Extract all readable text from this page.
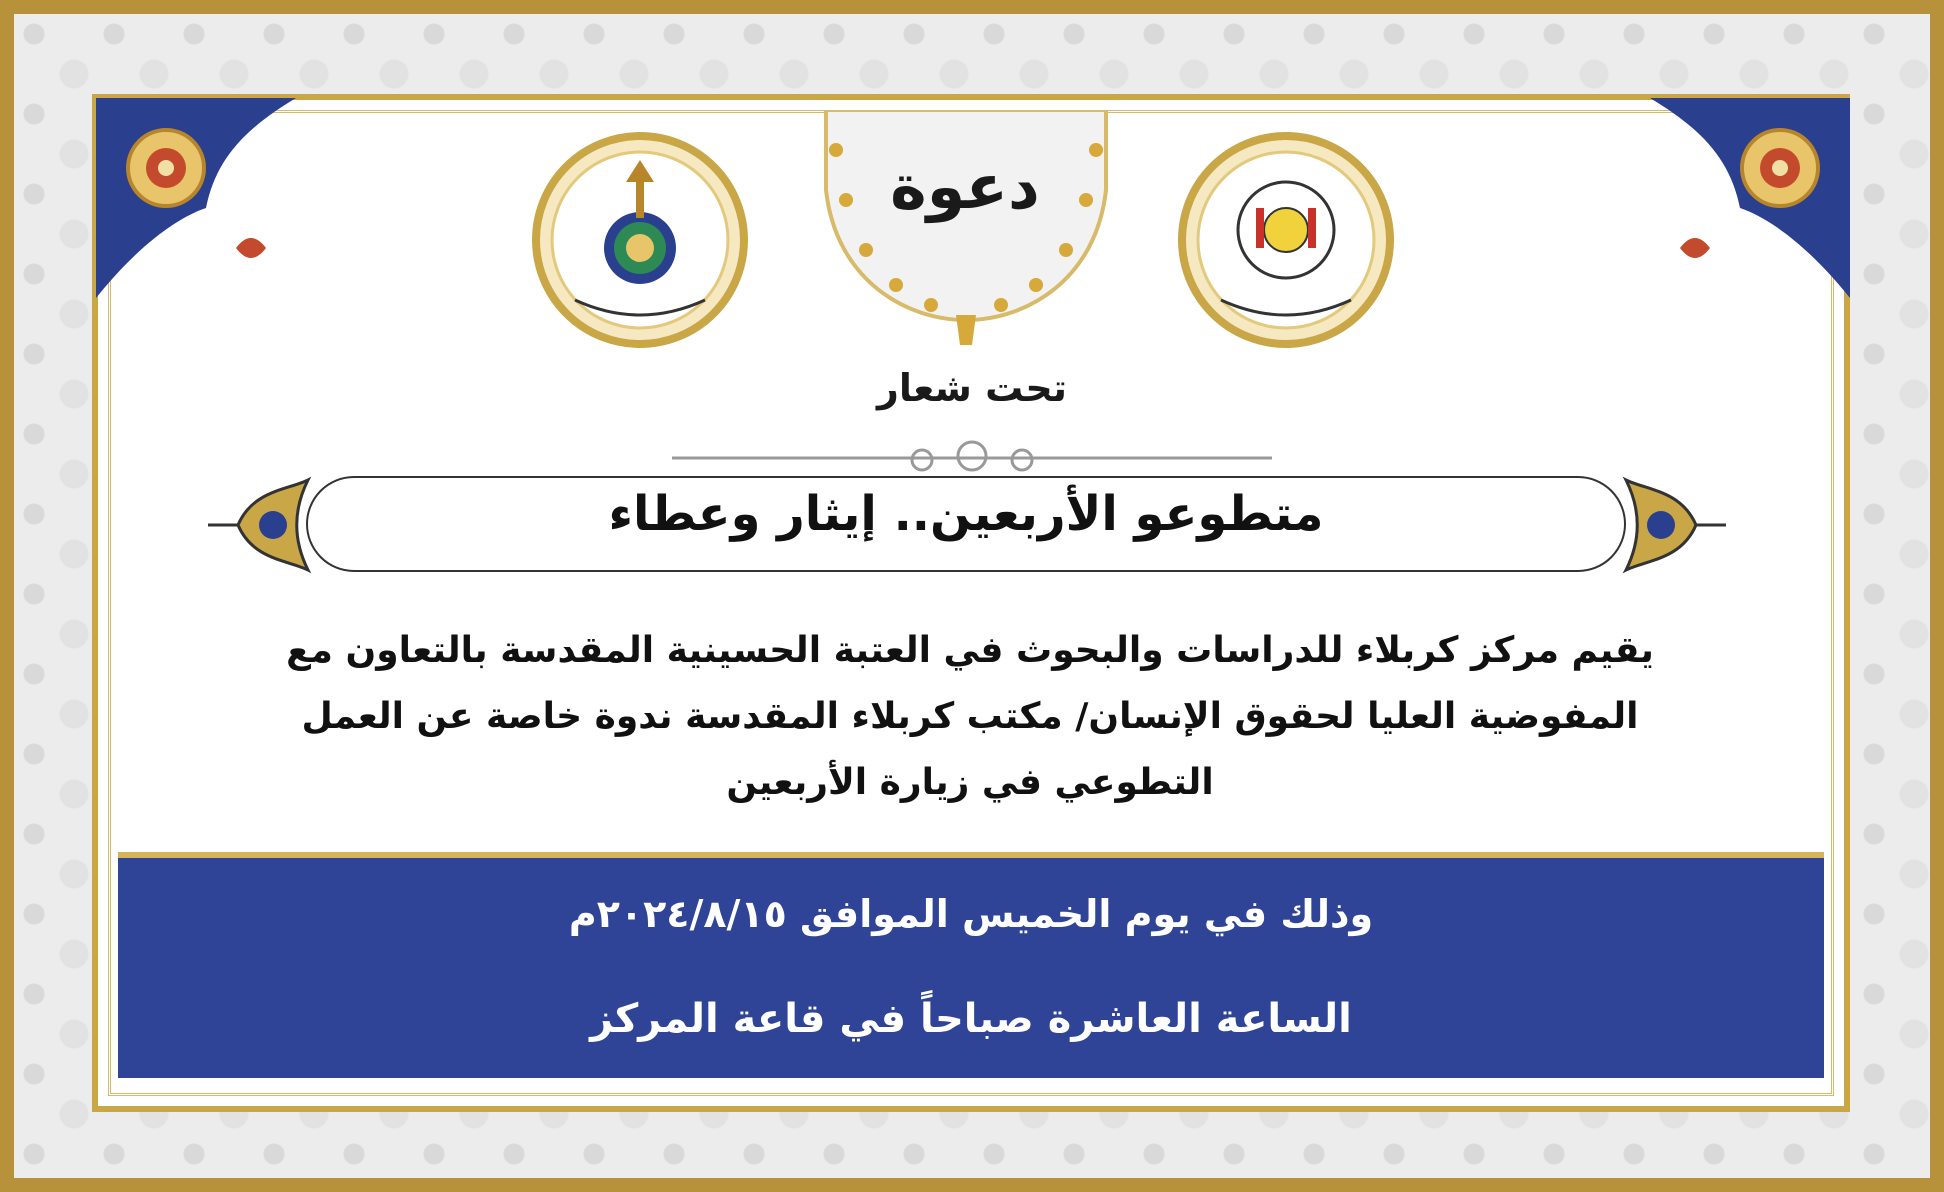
دعوة
تحت شعار
متطوعو الأربعين.. إيثار وعطاء
يقيم مركز كربلاء للدراسات والبحوث في العتبة الحسينية المقدسة بالتعاون مع المفوضية العليا لحقوق الإنسان/ مكتب كربلاء المقدسة ندوة خاصة عن العمل التطوعي في زيارة الأربعين
وذلك في يوم الخميس الموافق ٢٠٢٤/٨/١٥م
الساعة العاشرة صباحاً في قاعة المركز
